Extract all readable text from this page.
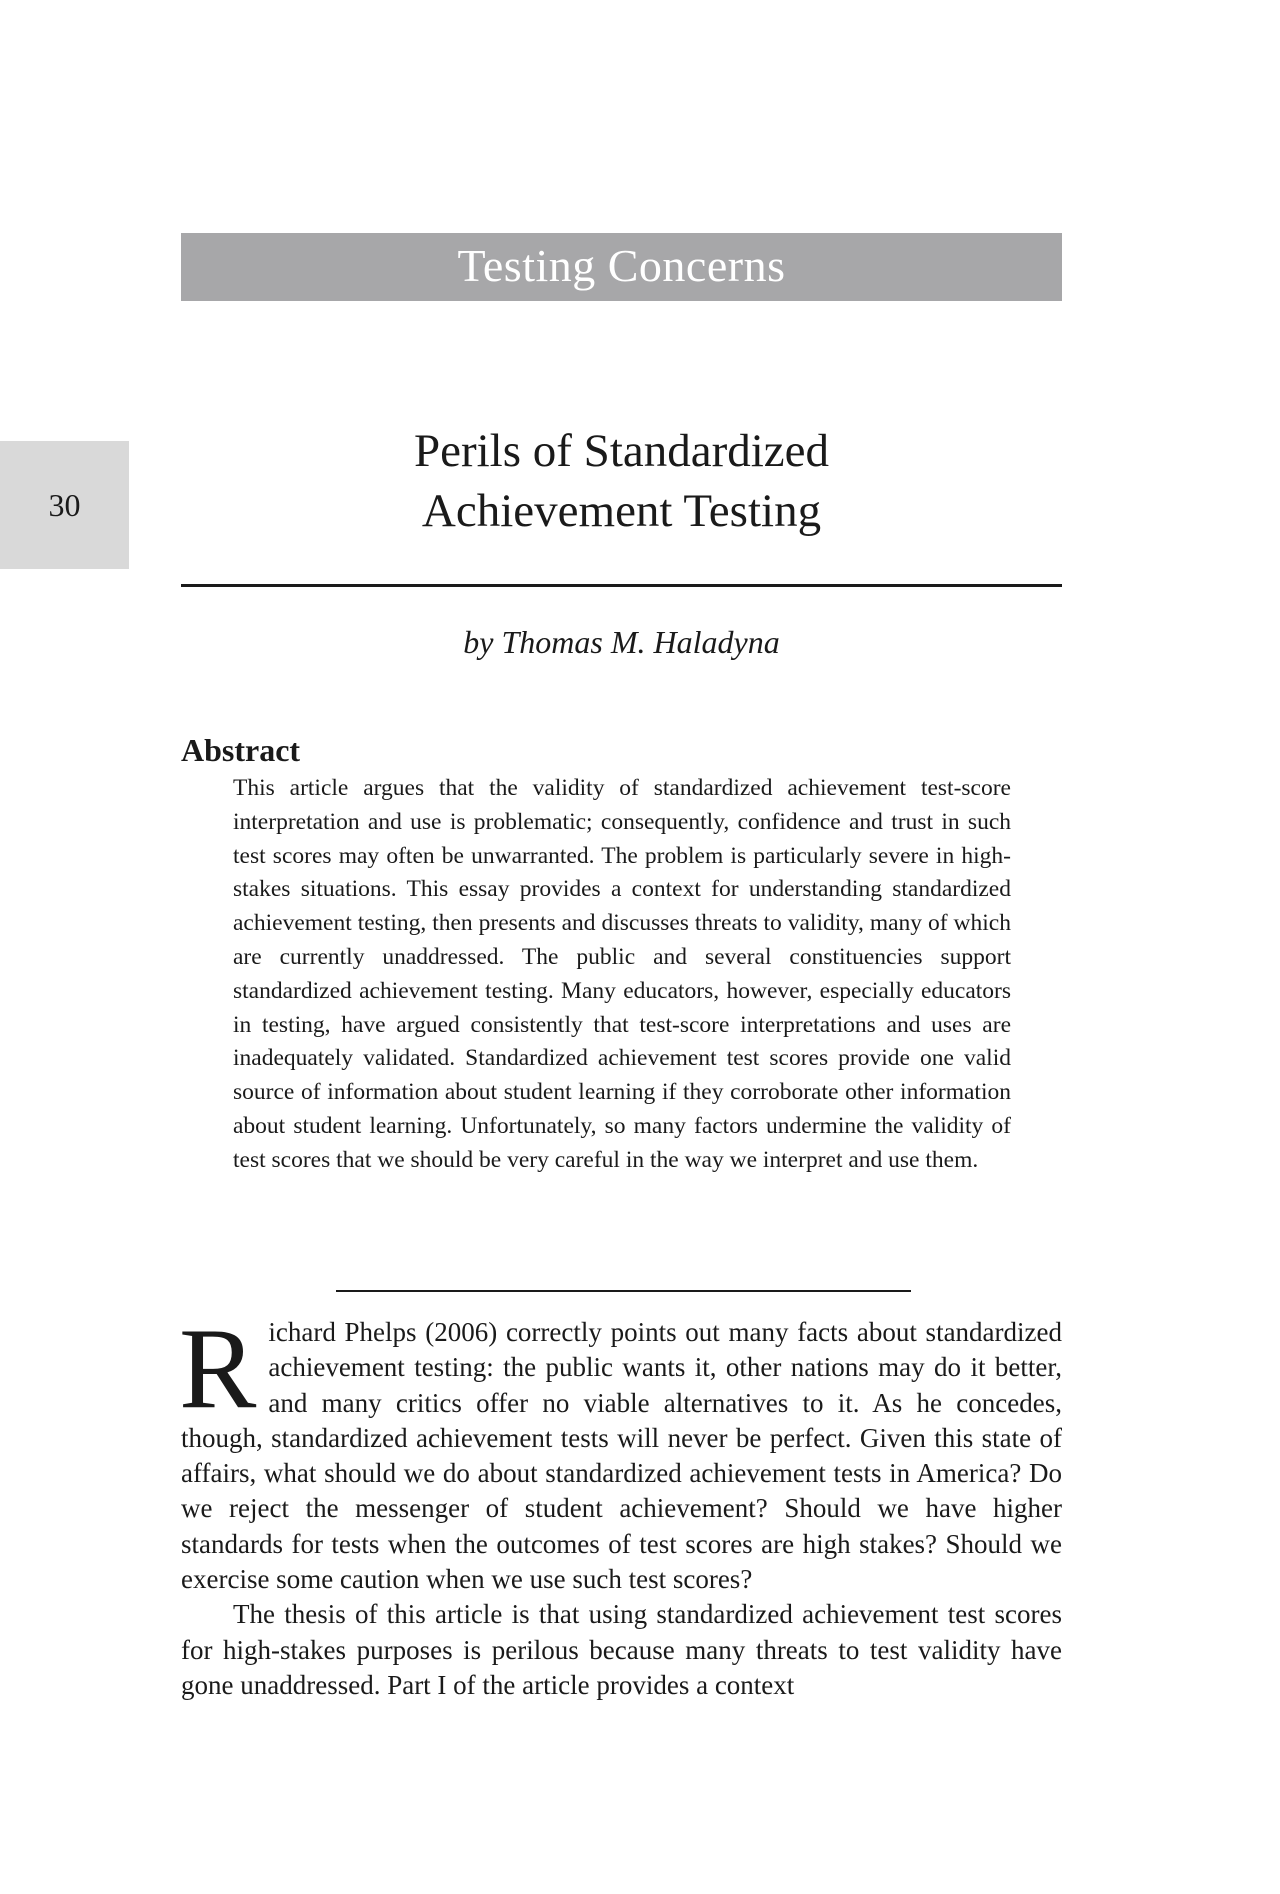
Testing Concerns
30
Perils of Standardized
Achievement Testing
by Thomas M. Haladyna
Abstract

This article argues that the validity of standardized achievement test-score interpretation and use is problematic; consequently, confidence and trust in such test scores may often be unwarranted. The problem is particularly severe in high-stakes situations. This essay provides a context for understanding standardized achievement testing, then presents and discusses threats to validity, many of which are currently unaddressed. The public and several constituencies support standardized achievement testing. Many educators, however, especially educators in testing, have argued consistently that test-score interpretations and uses are inadequately validated. Standardized achievement test scores provide one valid source of information about student learning if they corroborate other information about student learning. Unfortunately, so many factors undermine the validity of test scores that we should be very careful in the way we interpret and use them.

Richard Phelps (2006) correctly points out many facts about standardized achievement testing: the public wants it, other nations may do it better, and many critics offer no viable alternatives to it. As he concedes, though, standardized achievement tests will never be perfect. Given this state of affairs, what should we do about standardized achievement tests in America? Do we reject the messenger of student achievement? Should we have higher standards for tests when the outcomes of test scores are high stakes? Should we exercise some caution when we use such test scores?

The thesis of this article is that using standardized achievement test scores for high-stakes purposes is perilous because many threats to test validity have gone unaddressed. Part I of the article provides a context
